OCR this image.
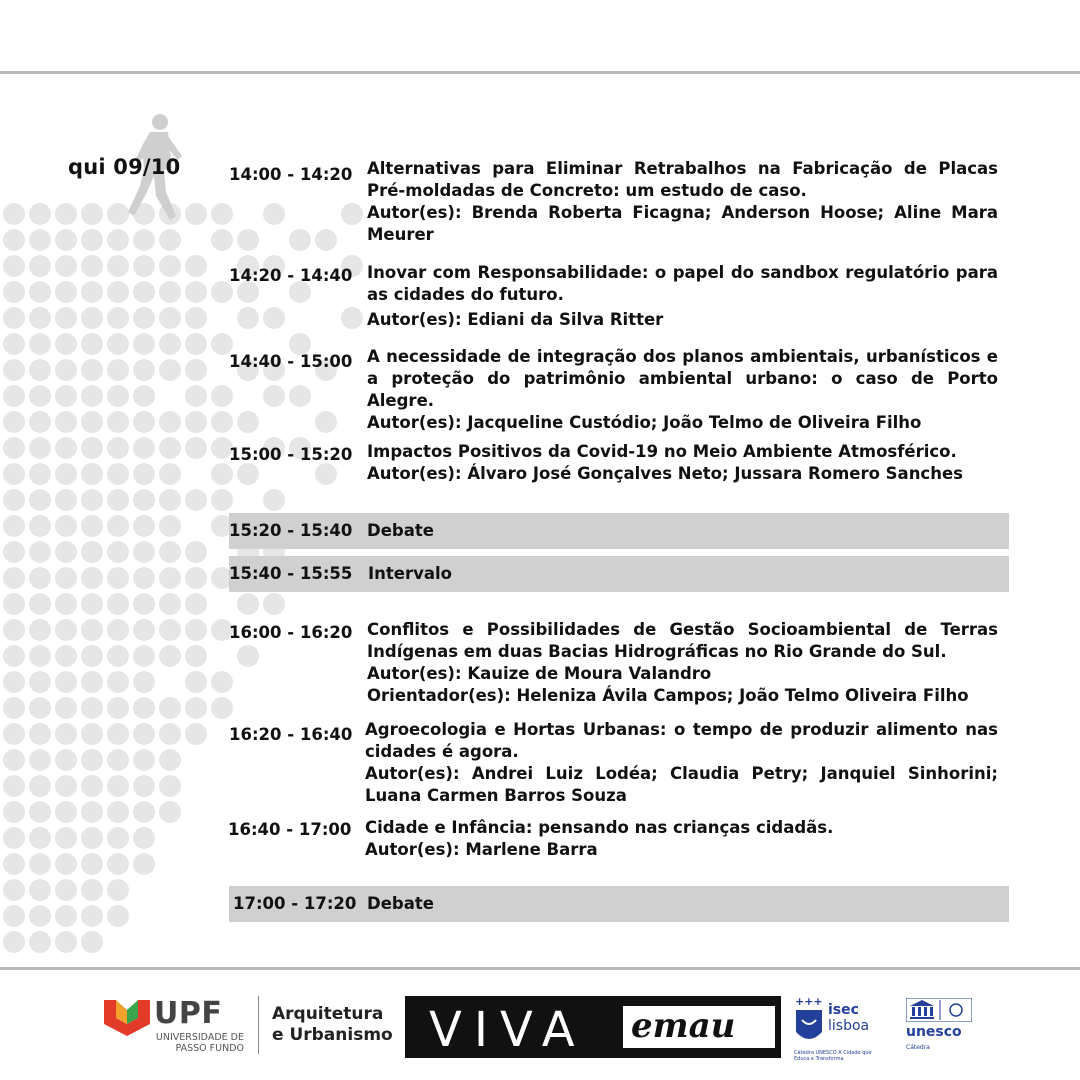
qui 09/10	14:00 - 14:20 Alternativas para Eliminar Retrabalhos na Fabricação de Placas Pré-moldadas de Concreto: um estudo de caso.

Autor(es): Brenda Roberta Ficagna; Anderson Hoose; Aline Mara Meurer

14:20 - 14:40 Inovar com Responsabilidade: o papel do sandbox regulatório para as cidades do futuro.

Autor(es): Ediani da Silva Ritter

14:40 - 15:00 A necessidade de integração dos planos ambientais, urbanísticos e a proteção do patrimônio ambiental urbano: o caso de Porto Alegre.

Autor(es): Jacqueline Custódio; João Telmo de Oliveira Filho

15:00 - 15:20 Impactos Positivos da Covid-19 no Meio Ambiente Atmosférico.

Autor(es): Álvaro José Gonçalves Neto; Jussara Romero Sanches

15:20 - 15:40 Debate
15:40 - 15:55 Intervalo
16:00 - 16:20 Conflitos e Possibilidades de Gestão Socioambiental de Terras Indígenas em duas Bacias Hidrográficas no Rio Grande do Sul.

Autor(es): Kauize de Moura Valandro

Orientador(es): Heleniza Ávila Campos; João Telmo Oliveira Filho

16:20 - 16:40 Agroecologia e Hortas Urbanas: o tempo de produzir alimento nas cidades é agora.

Autor(es): Andrei Luiz Lodéa; Claudia Petry; Janquiel Sinhorini; Luana Carmen Barros Souza

16:40 - 17:00 Cidade e Infância: pensando nas crianças cidadãs.

Autor(es): Marlene Barra

17:00 - 17:20 Debate
UPF
UNIVERSIDADE DE PASSO FUNDO
Arquitetura
e Urbanismo VIVA emau
+++
isec
lisboa
Cátedra UNESCO A Cidade que Educa e Transforma
unesco
Cátedra
